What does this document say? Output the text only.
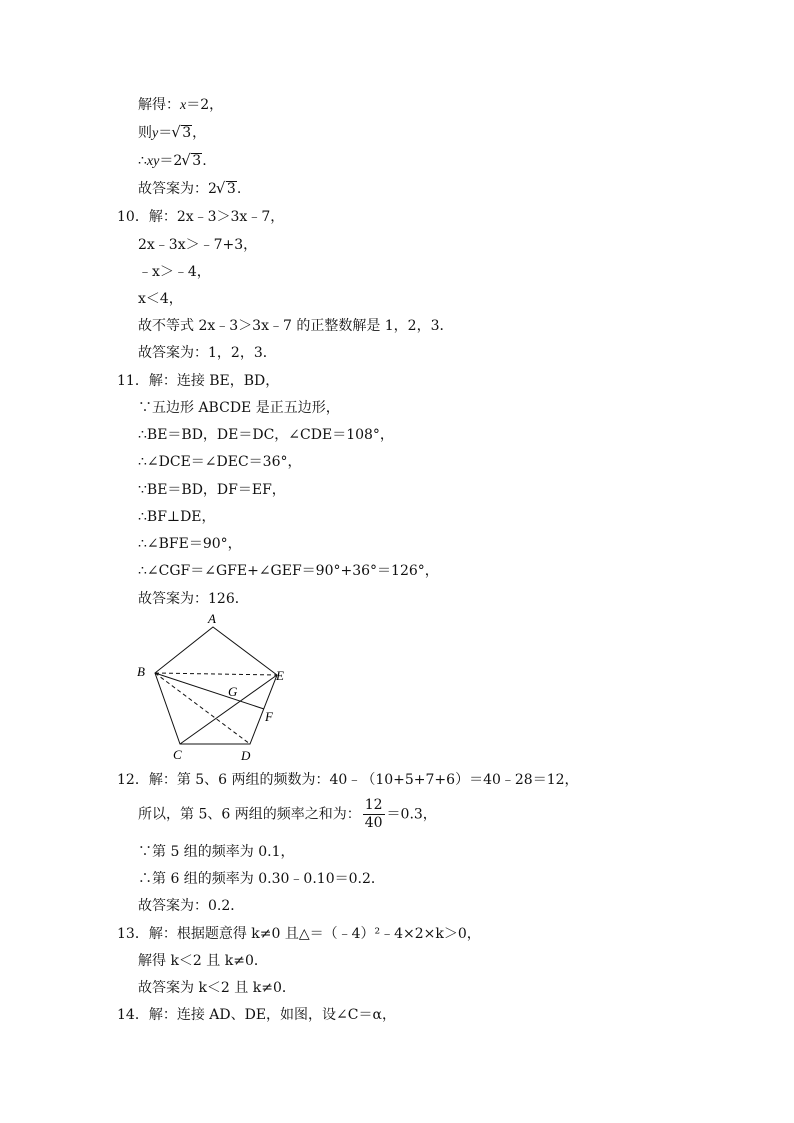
解得：x＝2，
则y＝ √ 3，
∴xy＝2 √ 3.
故答案为：2 √ 3.
10．解：2x﹣3＞3x﹣7，
2x﹣3x＞﹣7+3，
﹣x＞﹣4，
x＜4，
故不等式 2x﹣3＞3x﹣7 的正整数解是 1，2，3．
故答案为：1，2，3．
11．解：连接 BE，BD，
∵五边形 ABCDE 是正五边形，
∴BE＝BD，DE＝DC，∠CDE＝108°，
∴∠DCE＝∠DEC＝36°，
∵BE＝BD，DF＝EF，
∴BF⊥DE，
∴∠BFE＝90°，
∴∠CGF＝∠GFE+∠GEF＝90°+36°＝126°，
故答案为：126．
A
B	E
G
F
C	D
12．解：第 5、6 两组的频数为：40﹣（10+5+7+6）＝40﹣28＝12，
所以，第 5、6 两组的频率之和为： $\frac{12}{40} =0.3$，
∵第 5 组的频率为 0.1，
∴第 6 组的频率为 0.30﹣0.10＝0.2．
故答案为：0.2．
13．解：根据题意得 k≠0 且△＝（﹣4）²﹣4×2×k＞0，
解得 k＜2 且 k≠0．
故答案为 k＜2 且 k≠0．
14．解：连接 AD、DE，如图，设∠C＝α，
